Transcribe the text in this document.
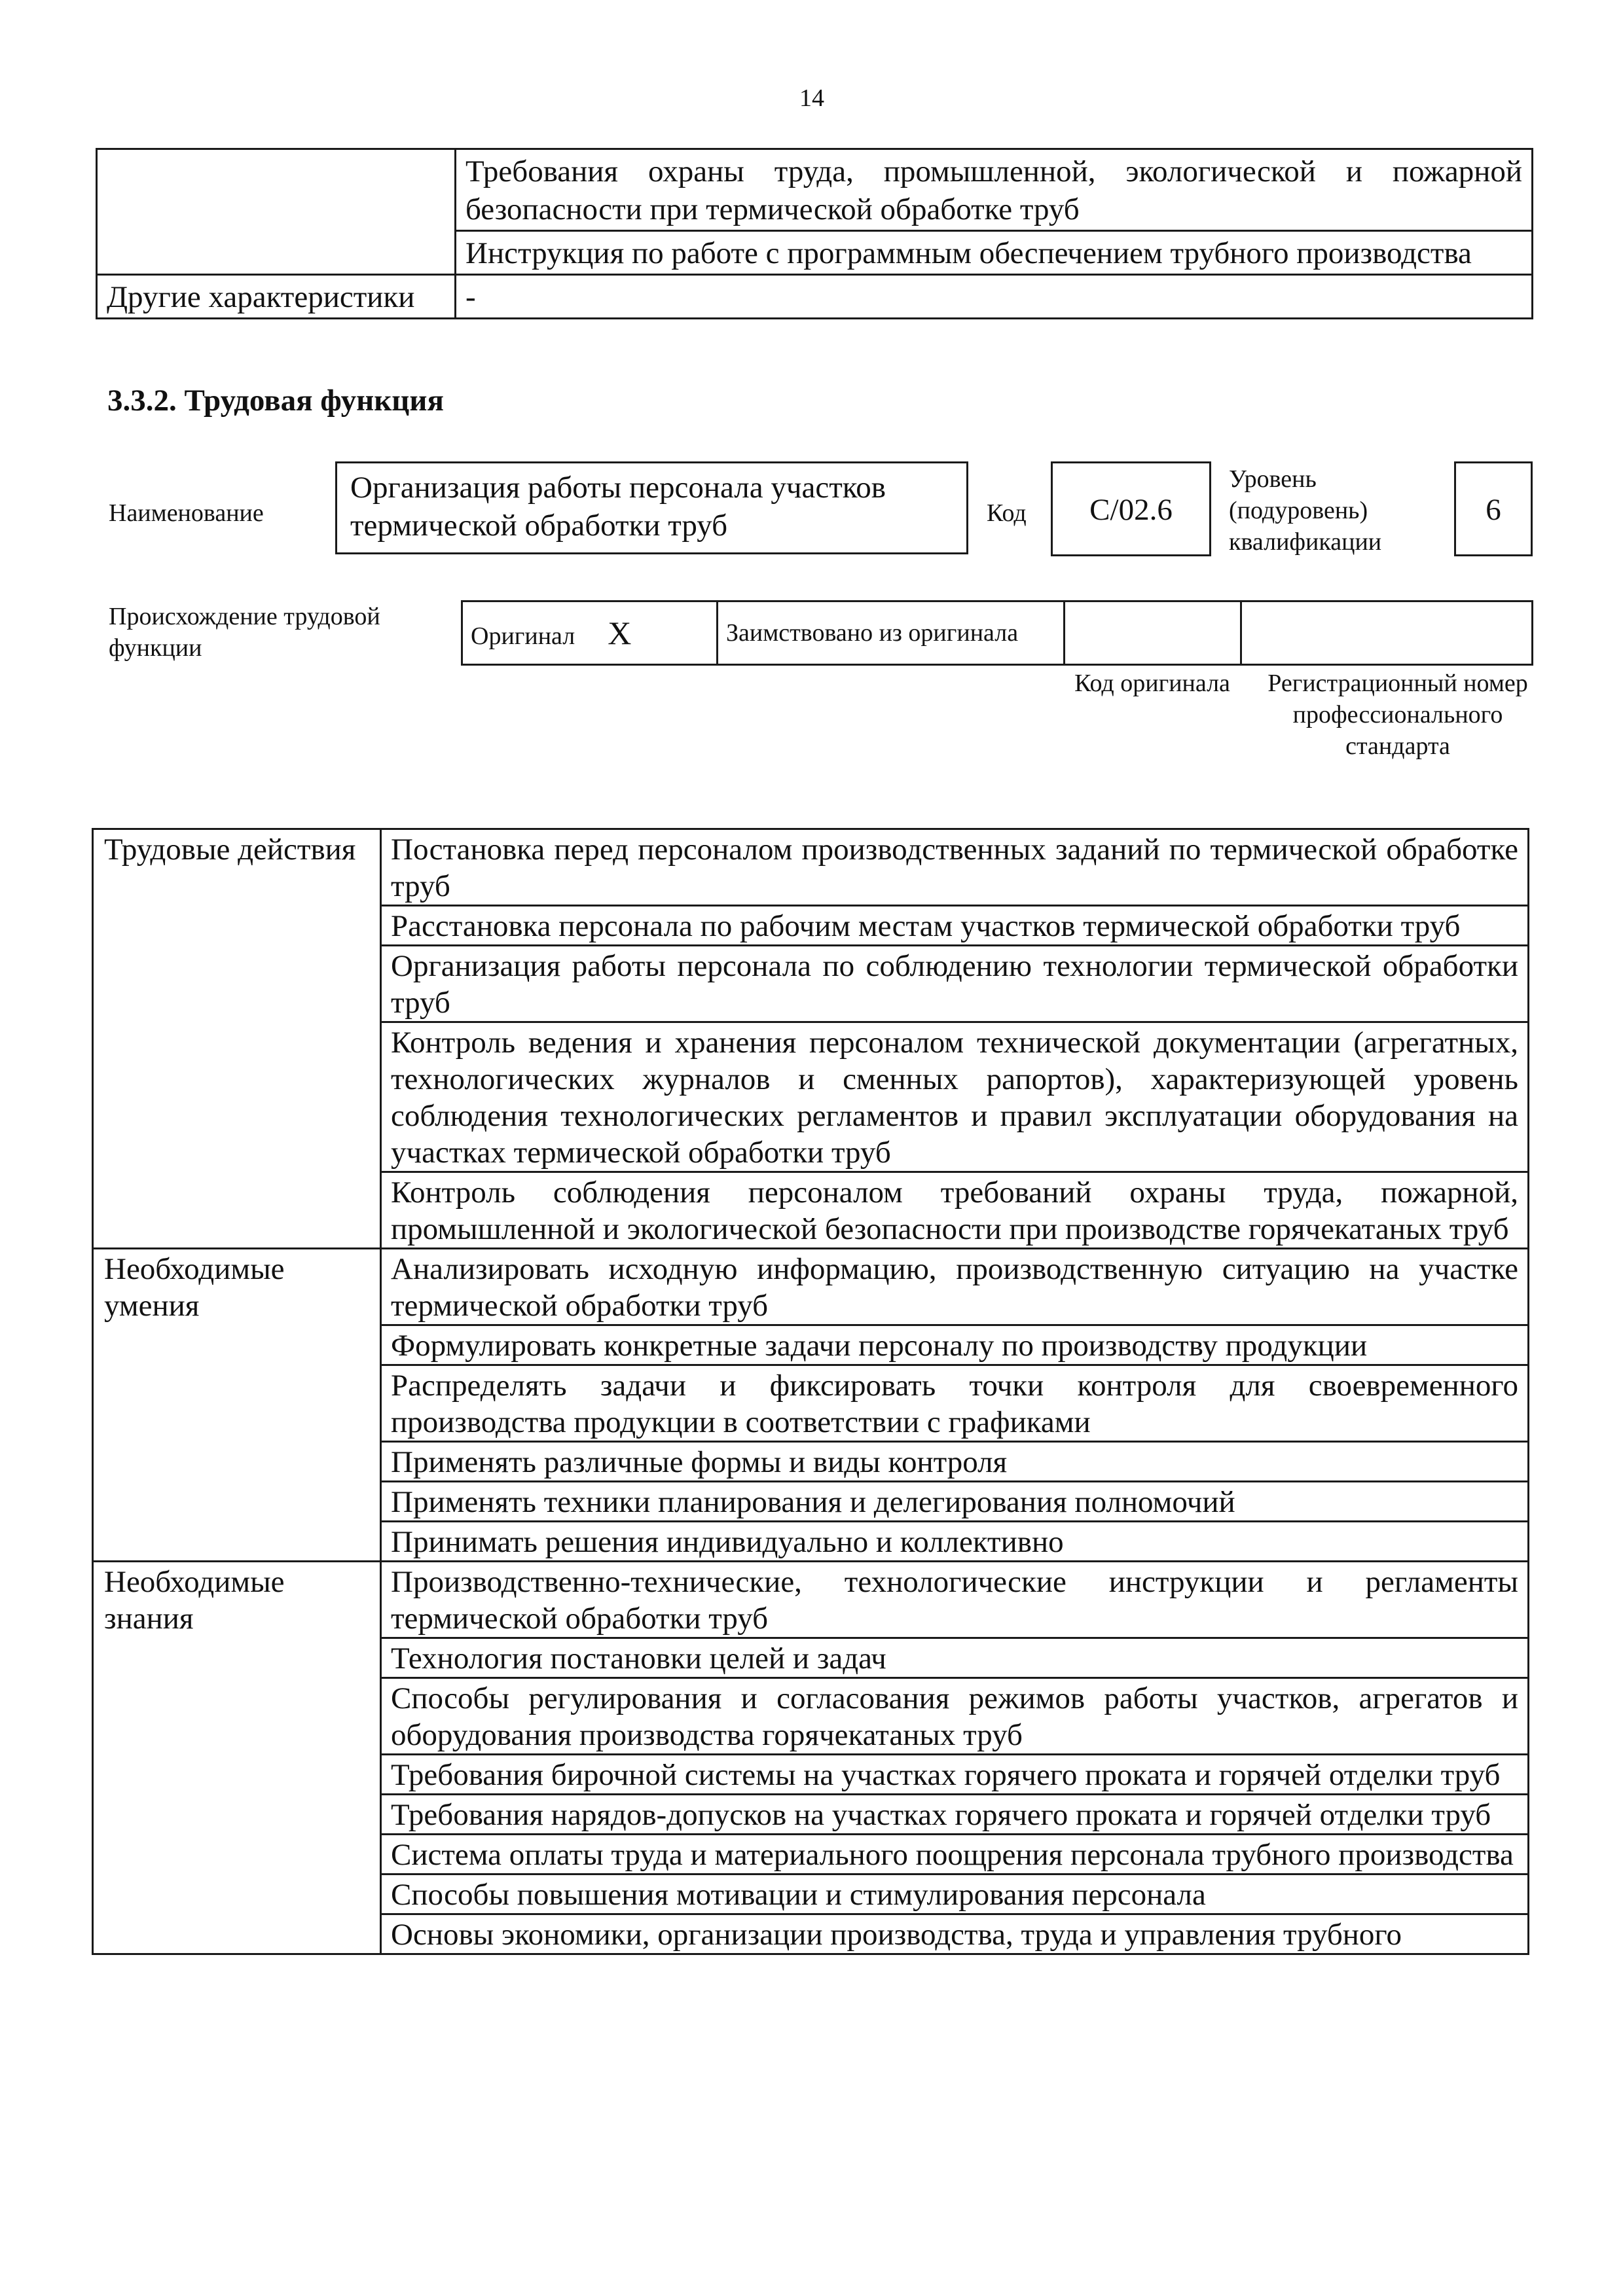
14
	Требования охраны труда, промышленной, экологической и пожарной безопасности при термической обработке труб
	Инструкция по работе с программным обеспечением трубного производства
Другие характеристики	-
3.3.2. Трудовая функция
Наименование
Организация работы персонала участков термической обработки труб	Код	C/02.6
Уровень (подуровень) квалификации
6
Происхождение трудовой функции	Оригинал X	Заимствовано из оригинала		
Код оригинала	Регистрационный номер профессионального стандарта
Трудовые действия	Постановка перед персоналом производственных заданий по термической обработке труб
	Расстановка персонала по рабочим местам участков термической обработки труб
	Организация работы персонала по соблюдению технологии термической обработки труб
	Контроль ведения и хранения персоналом технической документации (агрегатных, технологических журналов и сменных рапортов), характеризующей уровень соблюдения технологических регламентов и правил эксплуатации оборудования на участках термической обработки труб
	Контроль соблюдения персоналом требований охраны труда, пожарной, промышленной и экологической безопасности при производстве горячекатаных труб
Необходимые умения	Анализировать исходную информацию, производственную ситуацию на участке термической обработки труб
	Формулировать конкретные задачи персоналу по производству продукции
	Распределять задачи и фиксировать точки контроля для своевременного производства продукции в соответствии с графиками
	Применять различные формы и виды контроля
	Применять техники планирования и делегирования полномочий
	Принимать решения индивидуально и коллективно
Необходимые знания	Производственно-технические, технологические инструкции и регламенты термической обработки труб
	Технология постановки целей и задач
	Способы регулирования и согласования режимов работы участков, агрегатов и оборудования производства горячекатаных труб
	Требования бирочной системы на участках горячего проката и горячей отделки труб
	Требования нарядов-допусков на участках горячего проката и горячей отделки труб
	Система оплаты труда и материального поощрения персонала трубного производства
	Способы повышения мотивации и стимулирования персонала
	Основы экономики, организации производства, труда и управления трубного
